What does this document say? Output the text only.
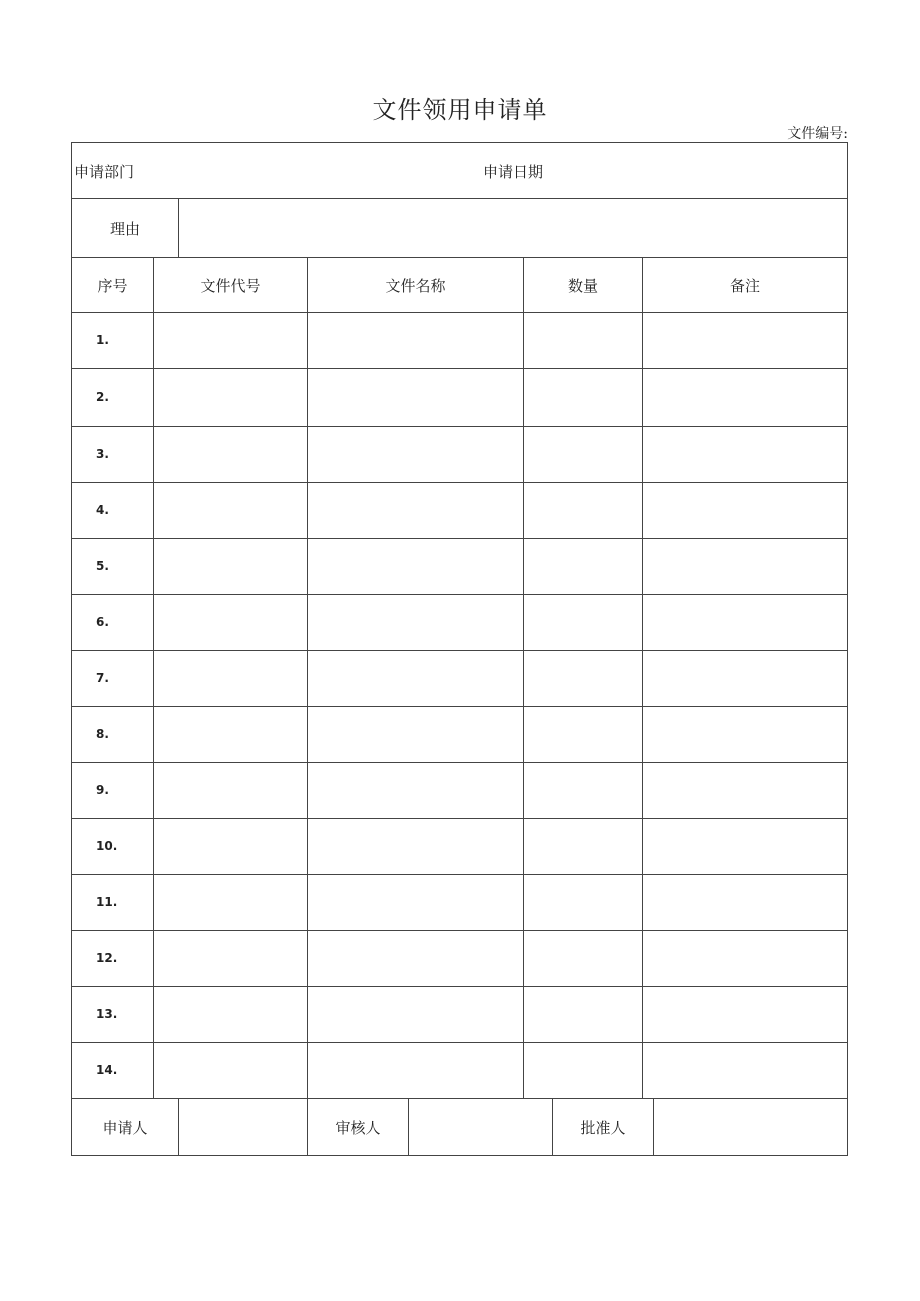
文件领用申请单
文件编号:
申请部门	申请日期
理由
序号	文件代号	文件名称	数量	备注
1.
2.
3.
4.
5.
6.
7.
8.
9.
10.
11.
12.
13.
14.
申请人	审核人	批准人
